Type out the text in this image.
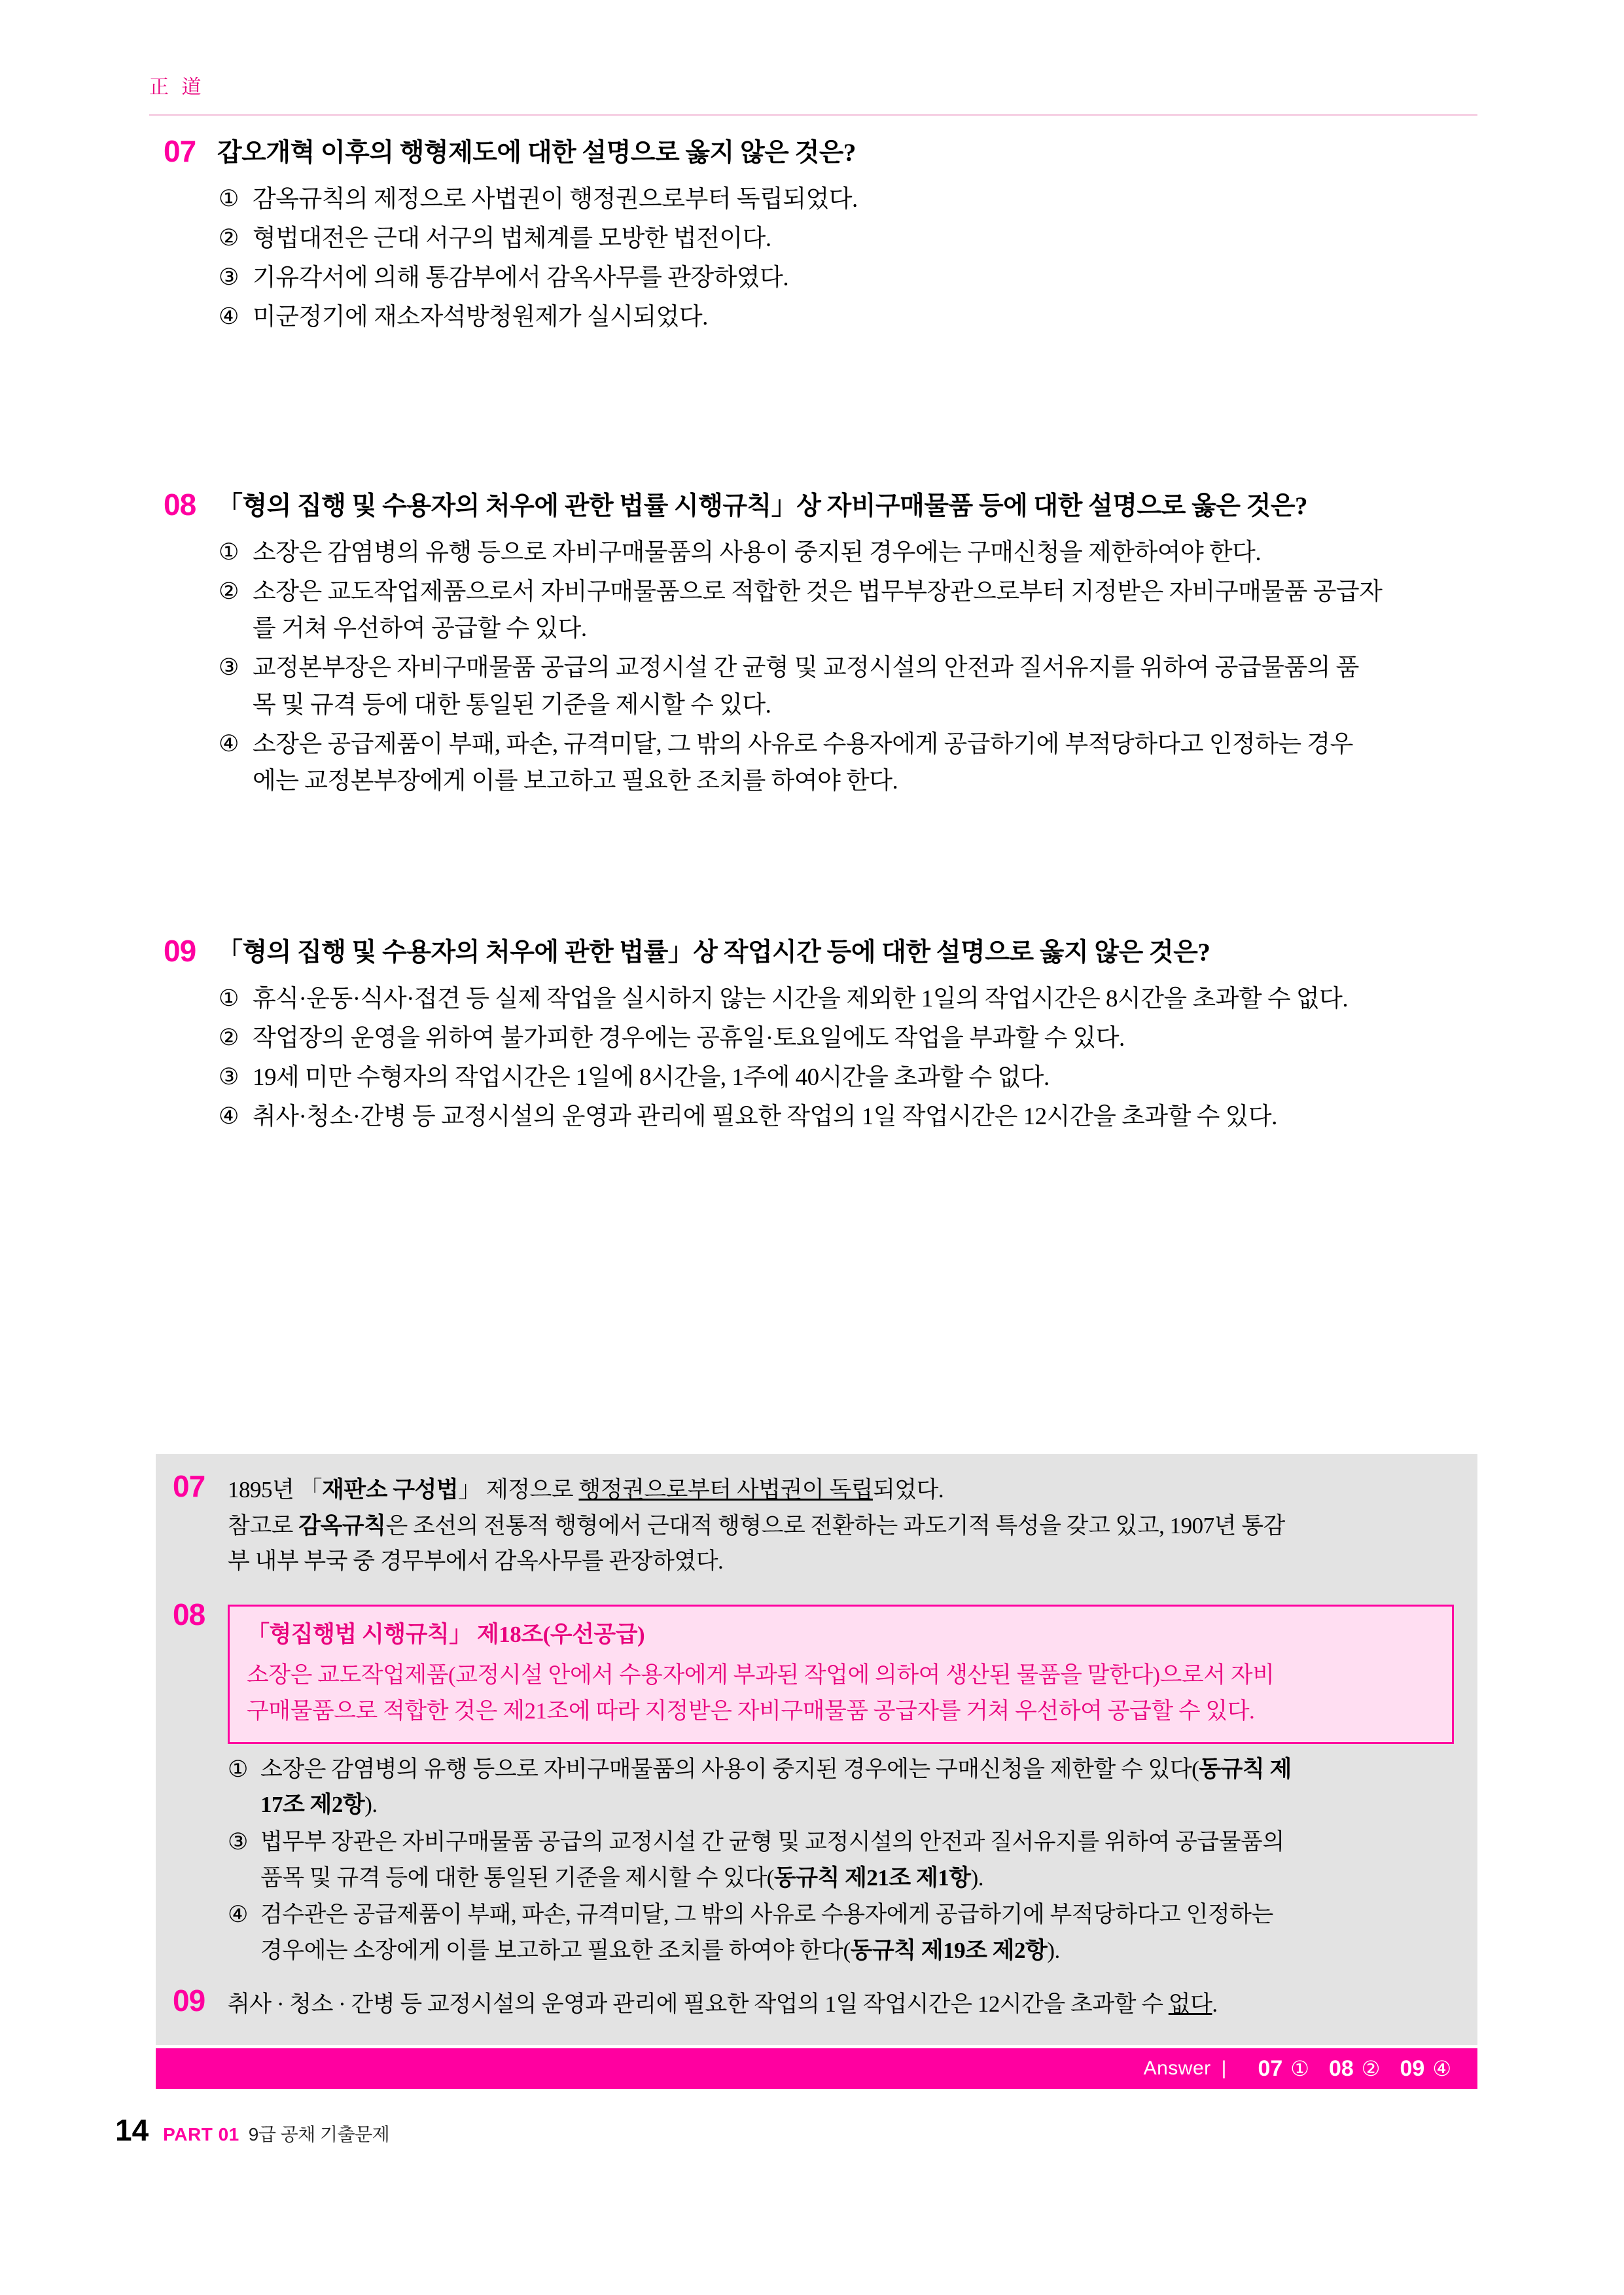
正 道
07 갑오개혁 이후의 행형제도에 대한 설명으로 옳지 않은 것은?
① 감옥규칙의 제정으로 사법권이 행정권으로부터 독립되었다.
② 형법대전은 근대 서구의 법체계를 모방한 법전이다.
③ 기유각서에 의해 통감부에서 감옥사무를 관장하였다.
④ 미군정기에 재소자석방청원제가 실시되었다.
08 「형의 집행 및 수용자의 처우에 관한 법률 시행규칙」상 자비구매물품 등에 대한 설명으로 옳은 것은?
① 소장은 감염병의 유행 등으로 자비구매물품의 사용이 중지된 경우에는 구매신청을 제한하여야 한다.
② 소장은 교도작업제품으로서 자비구매물품으로 적합한 것은 법무부장관으로부터 지정받은 자비구매물품 공급자
를 거쳐 우선하여 공급할 수 있다.
③ 교정본부장은 자비구매물품 공급의 교정시설 간 균형 및 교정시설의 안전과 질서유지를 위하여 공급물품의 품
목 및 규격 등에 대한 통일된 기준을 제시할 수 있다.
④ 소장은 공급제품이 부패, 파손, 규격미달, 그 밖의 사유로 수용자에게 공급하기에 부적당하다고 인정하는 경우
에는 교정본부장에게 이를 보고하고 필요한 조치를 하여야 한다.
09 「형의 집행 및 수용자의 처우에 관한 법률」상 작업시간 등에 대한 설명으로 옳지 않은 것은?
① 휴식·운동·식사·접견 등 실제 작업을 실시하지 않는 시간을 제외한 1일의 작업시간은 8시간을 초과할 수 없다.
② 작업장의 운영을 위하여 불가피한 경우에는 공휴일·토요일에도 작업을 부과할 수 있다.
③ 19세 미만 수형자의 작업시간은 1일에 8시간을, 1주에 40시간을 초과할 수 없다.
④ 취사·청소·간병 등 교정시설의 운영과 관리에 필요한 작업의 1일 작업시간은 12시간을 초과할 수 있다.
07 1895년 「재판소 구성법」 제정으로 행정권으로부터 사법권이 독립되었다.
참고로 감옥규칙은 조선의 전통적 행형에서 근대적 행형으로 전환하는 과도기적 특성을 갖고 있고, 1907년 통감
부 내부 부국 중 경무부에서 감옥사무를 관장하였다.
08
「형집행법 시행규칙」 제18조(우선공급)
소장은 교도작업제품(교정시설 안에서 수용자에게 부과된 작업에 의하여 생산된 물품을 말한다)으로서 자비
구매물품으로 적합한 것은 제21조에 따라 지정받은 자비구매물품 공급자를 거쳐 우선하여 공급할 수 있다.
① 소장은 감염병의 유행 등으로 자비구매물품의 사용이 중지된 경우에는 구매신청을 제한할 수 있다(동규칙 제
17조 제2항).
③ 법무부 장관은 자비구매물품 공급의 교정시설 간 균형 및 교정시설의 안전과 질서유지를 위하여 공급물품의
품목 및 규격 등에 대한 통일된 기준을 제시할 수 있다(동규칙 제21조 제1항).
④ 검수관은 공급제품이 부패, 파손, 규격미달, 그 밖의 사유로 수용자에게 공급하기에 부적당하다고 인정하는
경우에는 소장에게 이를 보고하고 필요한 조치를 하여야 한다(동규칙 제19조 제2항).
09 취사 · 청소 · 간병 등 교정시설의 운영과 관리에 필요한 작업의 1일 작업시간은 12시간을 초과할 수 없다.
Answer | 07 ① 08 ② 09 ④
14 PART 01 9급 공채 기출문제
